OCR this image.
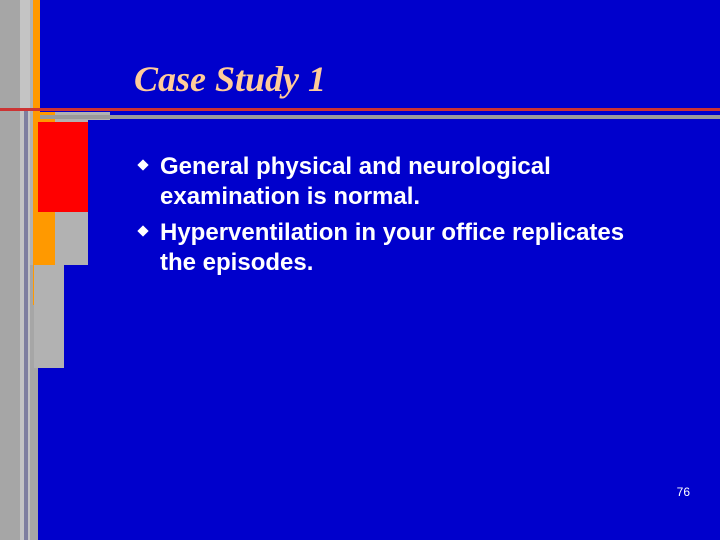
Case Study 1
General physical and neurological examination is normal.
Hyperventilation in your office replicates the episodes.
76
